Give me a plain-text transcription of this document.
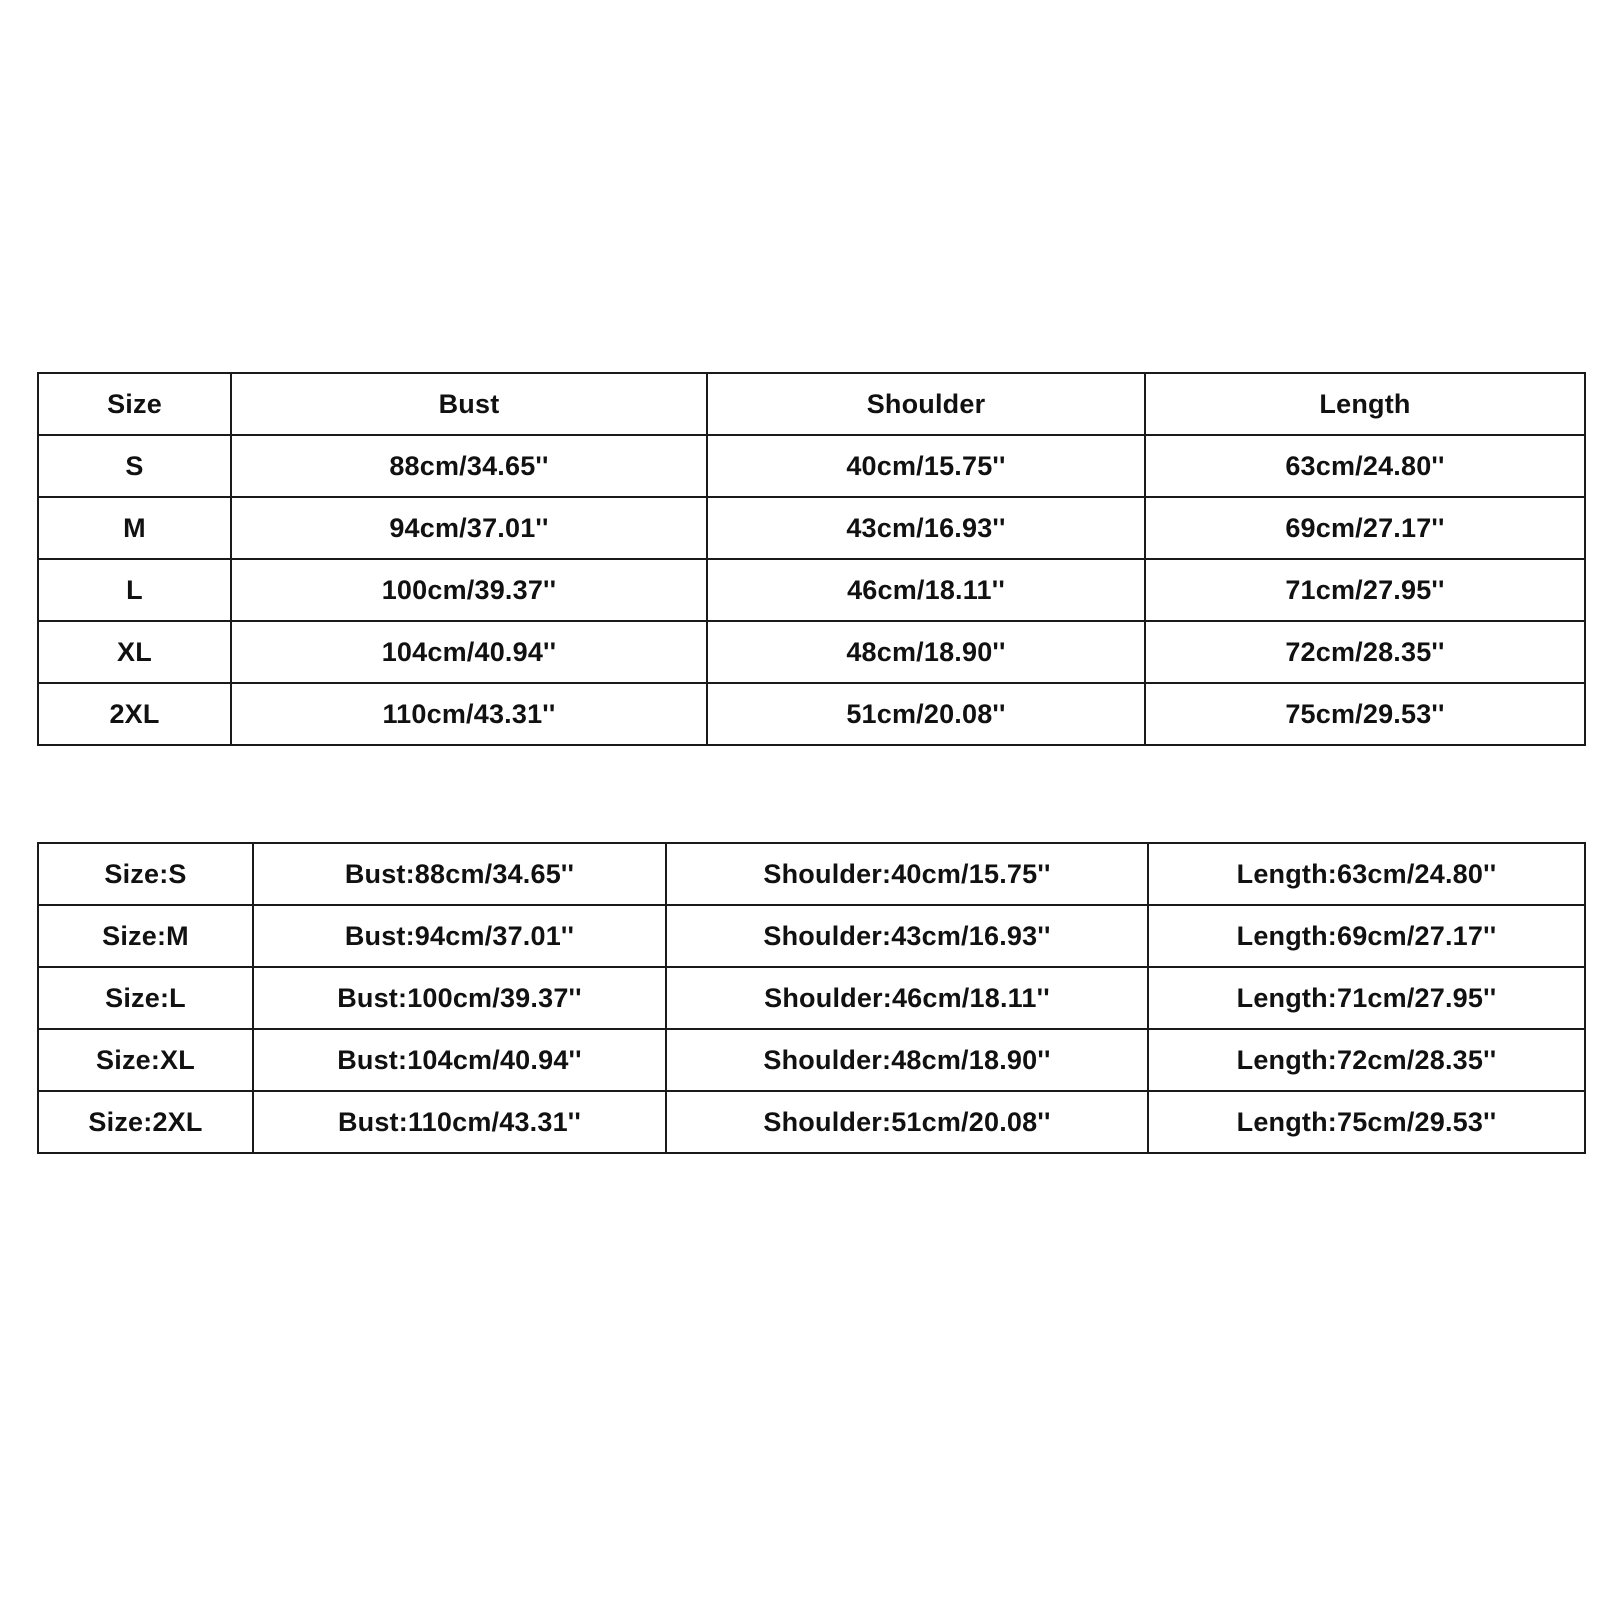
Size	Bust	Shoulder	Length
S	88cm/34.65''	40cm/15.75''	63cm/24.80''
M	94cm/37.01''	43cm/16.93''	69cm/27.17''
L	100cm/39.37''	46cm/18.11''	71cm/27.95''
XL	104cm/40.94''	48cm/18.90''	72cm/28.35''
2XL	110cm/43.31''	51cm/20.08''	75cm/29.53''
Size:S	Bust:88cm/34.65''	Shoulder:40cm/15.75''	Length:63cm/24.80''
Size:M	Bust:94cm/37.01''	Shoulder:43cm/16.93''	Length:69cm/27.17''
Size:L	Bust:100cm/39.37''	Shoulder:46cm/18.11''	Length:71cm/27.95''
Size:XL	Bust:104cm/40.94''	Shoulder:48cm/18.90''	Length:72cm/28.35''
Size:2XL	Bust:110cm/43.31''	Shoulder:51cm/20.08''	Length:75cm/29.53''
